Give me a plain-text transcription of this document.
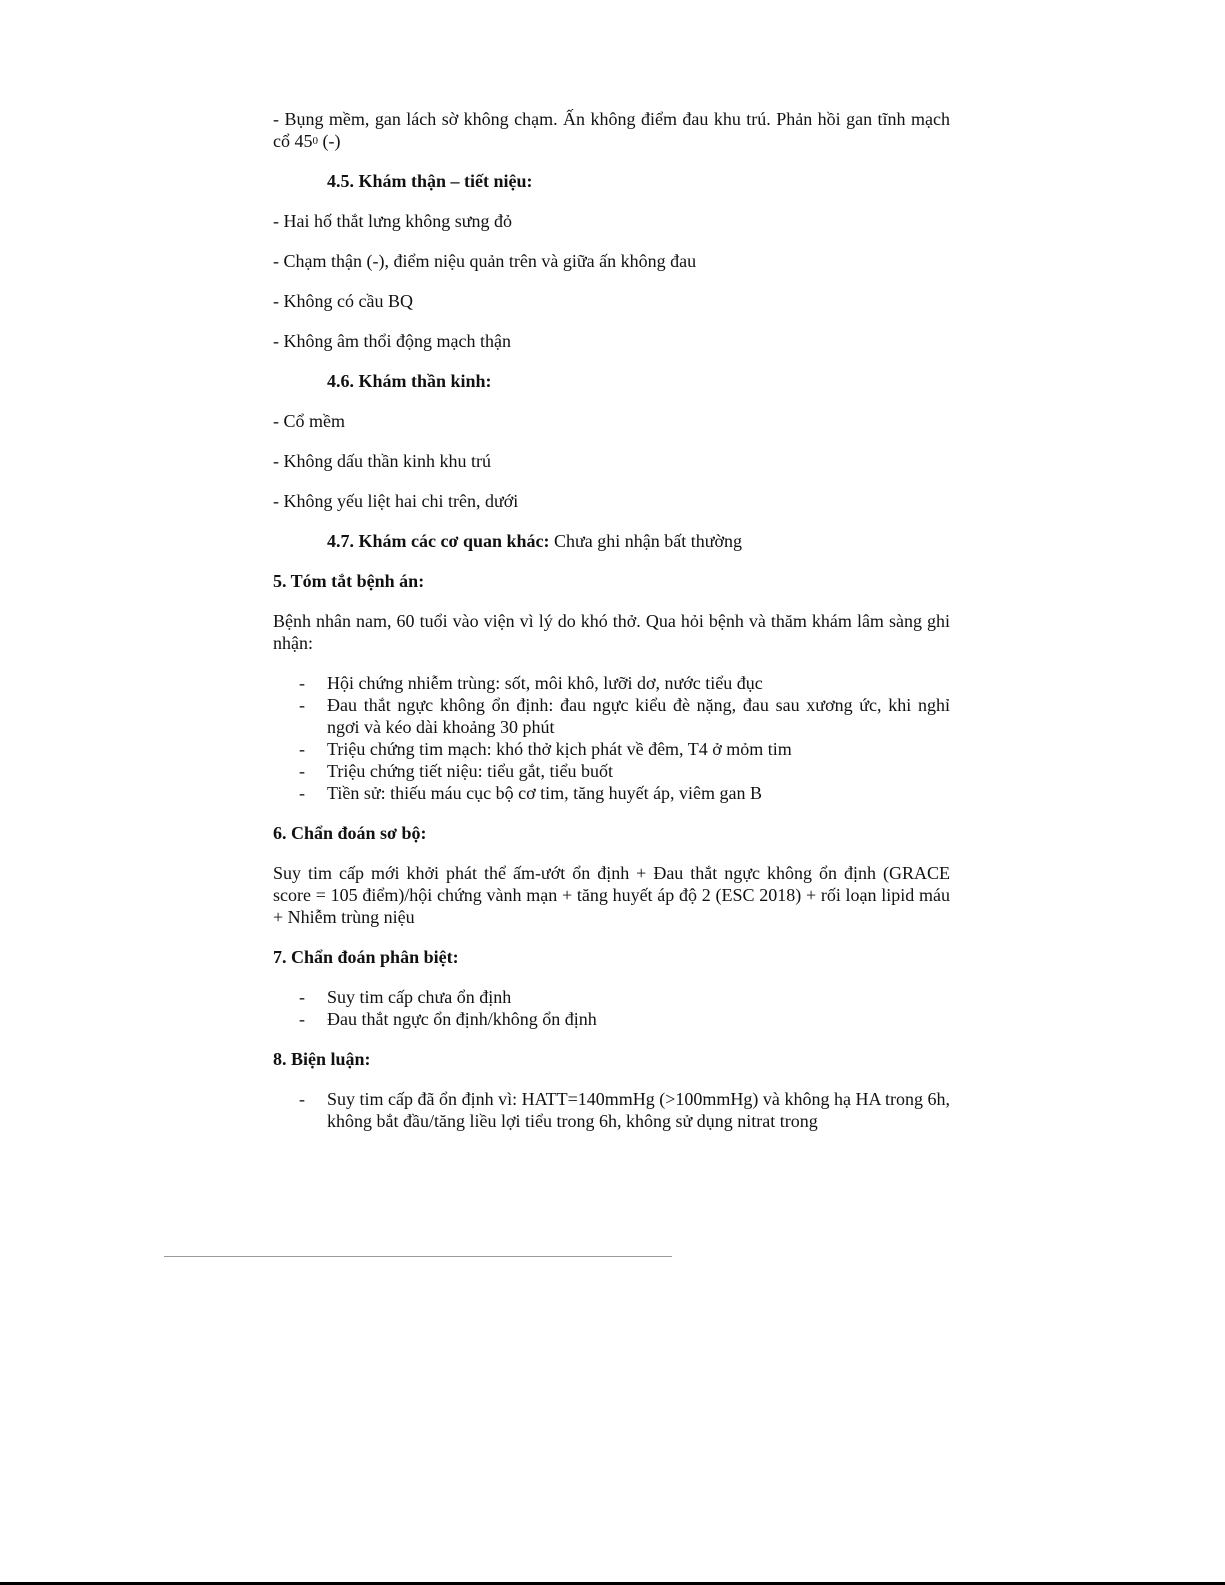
- Bụng mềm, gan lách sờ không chạm. Ấn không điểm đau khu trú. Phản hồi gan tĩnh mạch cổ $45^0$ (-)

4.5. Khám thận – tiết niệu:

- Hai hố thắt lưng không sưng đỏ

- Chạm thận (-), điểm niệu quản trên và giữa ấn không đau

- Không có cầu BQ

- Không âm thổi động mạch thận

4.6. Khám thần kinh:

- Cổ mềm

- Không dấu thần kinh khu trú

- Không yếu liệt hai chi trên, dưới

4.7. Khám các cơ quan khác: Chưa ghi nhận bất thường

5. Tóm tắt bệnh án:

Bệnh nhân nam, 60 tuổi vào viện vì lý do khó thở. Qua hỏi bệnh và thăm khám lâm sàng ghi nhận:

- Hội chứng nhiễm trùng: sốt, môi khô, lưỡi dơ, nước tiểu đục
- Đau thắt ngực không ổn định: đau ngực kiểu đè nặng, đau sau xương ức, khi nghỉ ngơi và kéo dài khoảng 30 phút
- Triệu chứng tim mạch: khó thở kịch phát về đêm, T4 ở mỏm tim
- Triệu chứng tiết niệu: tiểu gắt, tiểu buốt
- Tiền sử: thiếu máu cục bộ cơ tim, tăng huyết áp, viêm gan B

6. Chẩn đoán sơ bộ:

Suy tim cấp mới khởi phát thể ấm-ướt ổn định + Đau thắt ngực không ổn định (GRACE score = 105 điểm)/hội chứng vành mạn + tăng huyết áp độ 2 (ESC 2018) + rối loạn lipid máu + Nhiễm trùng niệu

7. Chẩn đoán phân biệt:

- Suy tim cấp chưa ổn định
- Đau thắt ngực ổn định/không ổn định

8. Biện luận:

- Suy tim cấp đã ổn định vì: HATT=140mmHg (>100mmHg) và không hạ HA trong 6h, không bắt đầu/tăng liều lợi tiểu trong 6h, không sử dụng nitrat trong
